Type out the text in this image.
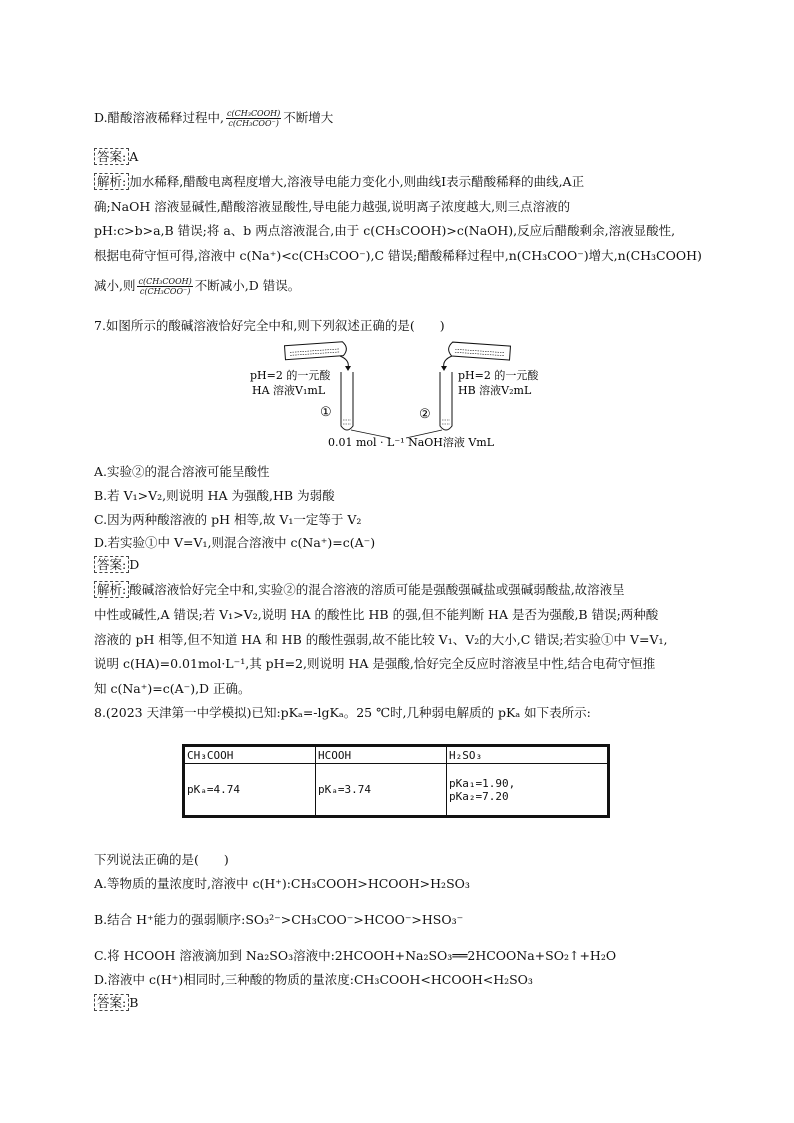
D.醋酸溶液稀释过程中, $\frac{\text{c(CH₃COOH)}}{\text{c(CH₃COO⁻)}}$ 不断增大
答案: A
解析: 加水稀释,醋酸电离程度增大,溶液导电能力变化小,则曲线Ⅰ表示醋酸稀释的曲线,A正
确;NaOH 溶液显碱性,醋酸溶液显酸性,导电能力越强,说明离子浓度越大,则三点溶液的
pH:c>b>a,B 错误;将 a、b 两点溶液混合,由于 c(CH₃COOH)>c(NaOH),反应后醋酸剩余,溶液显酸性,
根据电荷守恒可得,溶液中 c(Na⁺)<c(CH₃COO⁻),C 错误;醋酸稀释过程中,n(CH₃COO⁻)增大,n(CH₃COOH)
减小,则 $\frac{\text{c(CH₃COOH)}}{\text{c(CH₃COO⁻)}}$ 不断减小,D 错误。
7.如图所示的酸碱溶液恰好完全中和,则下列叙述正确的是(　　)
pH=2 的一元酸
HA 溶液V₁mL
pH=2 的一元酸
HB 溶液V₂mL
①	②
0.01 mol · L⁻¹ NaOH溶液 VmL
A.实验②的混合溶液可能呈酸性
B.若 V₁>V₂,则说明 HA 为强酸,HB 为弱酸
C.因为两种酸溶液的 pH 相等,故 V₁一定等于 V₂
D.若实验①中 V=V₁,则混合溶液中 c(Na⁺)=c(A⁻)
答案: D
解析: 酸碱溶液恰好完全中和,实验②的混合溶液的溶质可能是强酸强碱盐或强碱弱酸盐,故溶液呈
中性或碱性,A 错误;若 V₁>V₂,说明 HA 的酸性比 HB 的强,但不能判断 HA 是否为强酸,B 错误;两种酸
溶液的 pH 相等,但不知道 HA 和 HB 的酸性强弱,故不能比较 V₁、V₂的大小,C 错误;若实验①中 V=V₁,
说明 c(HA)=0.01mol·L⁻¹,其 pH=2,则说明 HA 是强酸,恰好完全反应时溶液呈中性,结合电荷守恒推
知 c(Na⁺)=c(A⁻),D 正确。
8.(2023 天津第一中学模拟)已知:pKₐ=-lgKₐ。25 ℃时,几种弱电解质的 pKₐ 如下表所示:
CH₃COOH	HCOOH	H₂SO₃
pKₐ=4.74	pKₐ=3.74	pKa₁=1.90,
pKa₂=7.20
下列说法正确的是(　　)
A.等物质的量浓度时,溶液中 c(H⁺):CH₃COOH>HCOOH>H₂SO₃
B.结合 H⁺能力的强弱顺序:SO₃²⁻>CH₃COO⁻>HCOO⁻>HSO₃⁻
C.将 HCOOH 溶液滴加到 Na₂SO₃溶液中:2HCOOH+Na₂SO₃══2HCOONa+SO₂↑+H₂O
D.溶液中 c(H⁺)相同时,三种酸的物质的量浓度:CH₃COOH<HCOOH<H₂SO₃
答案: B
